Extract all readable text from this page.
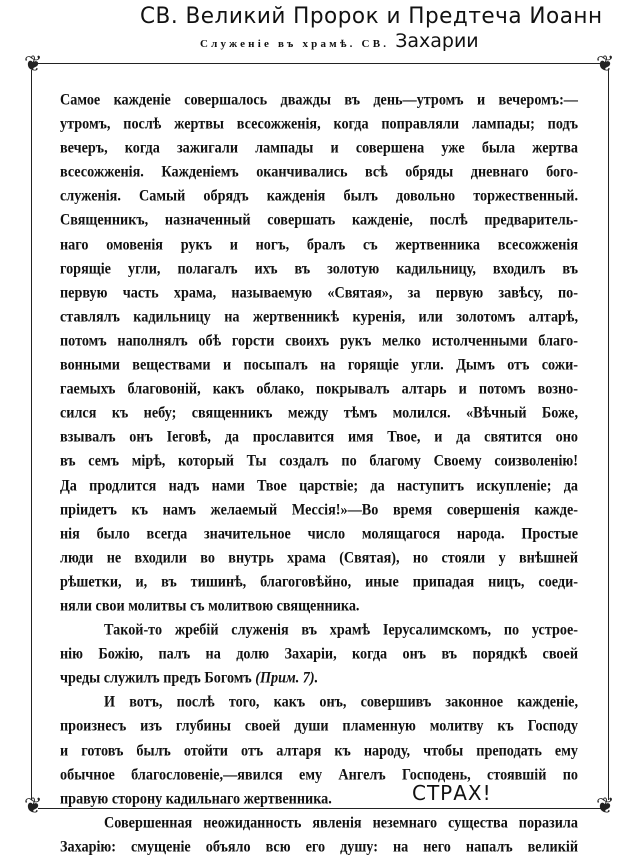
СВ. Великий Пророк и Предтеча Иоанн
Служеніе въ храмѣ. СВ. Захарии
❦	❦
❦	❦
Самое кажденіе совершалось дважды въ день—утромъ и вечеромъ:—
утромъ, послѣ жертвы всесожженія, когда поправляли лампады; подъ
вечеръ, когда зажигали лампады и совершена уже была жертва
всесожженія. Кажденіемъ оканчивались всѣ обряды дневнаго бого-
служенія. Самый обрядъ кажденія былъ довольно торжественный.
Священникъ, назначенный совершать кажденіе, послѣ предваритель-
наго омовенія рукъ и ногъ, бралъ съ жертвенника всесожженія
горящіе угли, полагалъ ихъ въ золотую кадильницу, входилъ въ
первую часть храма, называемую «Святая», за первую завѣсу, по-
ставлялъ кадильницу на жертвенникѣ куренія, или золотомъ алтарѣ,
потомъ наполнялъ обѣ горсти своихъ рукъ мелко истолченными благо-
вонными веществами и посыпалъ на горящіе угли. Дымъ отъ сожи-
гаемыхъ благовоній, какъ облако, покрывалъ алтарь и потомъ возно-
сился къ небу; священникъ между тѣмъ молился. «Вѣчный Боже,
взывалъ онъ Іеговѣ, да прославится имя Твое, и да святится оно
въ семъ мірѣ, который Ты создалъ по благому Своему соизволенію!
Да продлится надъ нами Твое царствіе; да наступитъ искупленіе; да
пріидетъ къ намъ желаемый Мессія!»—Во время совершенія кажде-
нія было всегда значительное число молящагося народа. Простые
люди не входили во внутрь храма (Святая), но стояли у внѣшней
рѣшетки, и, въ тишинѣ, благоговѣйно, иные припадая ницъ, соеди-
няли свои молитвы съ молитвою священника.
Такой-то жребій служенія въ храмѣ Іерусалимскомъ, по устрое-
нію Божію, палъ на долю Захаріи, когда онъ въ порядкѣ своей
чреды служилъ предъ Богомъ (Прим. 7).
И вотъ, послѣ того, какъ онъ, совершивъ законное кажденіе,
произнесъ изъ глубины своей души пламенную молитву къ Господу
и готовъ былъ отойти отъ алтаря къ народу, чтобы преподать ему
обычное благословеніе,—явился ему Ангелъ Господень, стоявшій по
правую сторону кадильнаго жертвенника.
Совершенная неожиданность явленія неземнаго существа поразила
Захарію: смущеніе объяло всю его душу: на него напалъ великій
СТРАХ!
